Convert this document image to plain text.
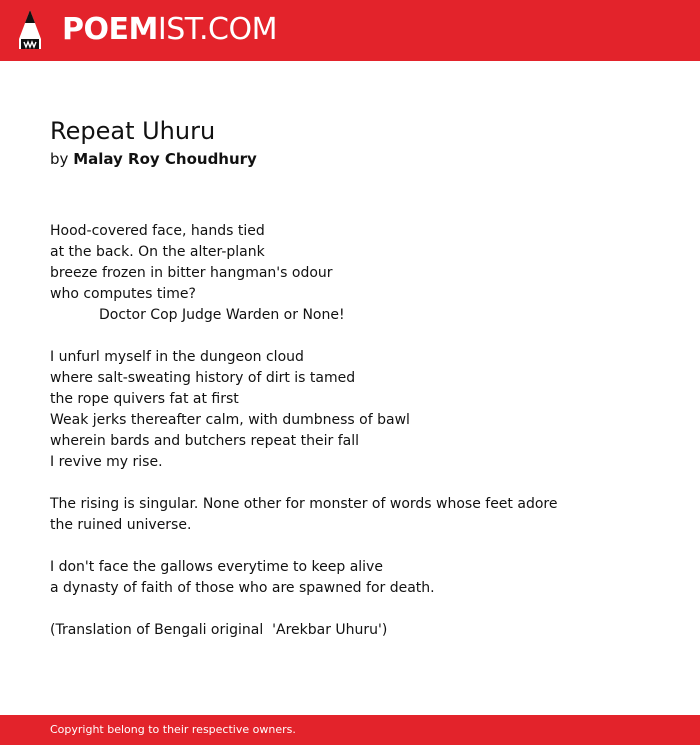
POEMIST.COM
Repeat Uhuru

by Malay Roy Choudhury

Hood-covered face, hands tied
at the back. On the alter-plank
breeze frozen in bitter hangman's odour
who computes time?
Doctor Cop Judge Warden or None!
I unfurl myself in the dungeon cloud
where salt-sweating history of dirt is tamed
the rope quivers fat at first
Weak jerks thereafter calm, with dumbness of bawl
wherein bards and butchers repeat their fall
I revive my rise.
The rising is singular. None other for monster of words whose feet adore
the ruined universe.
I don't face the gallows everytime to keep alive
a dynasty of faith of those who are spawned for death.
(Translation of Bengali original  'Arekbar Uhuru')
Copyright belong to their respective owners.
